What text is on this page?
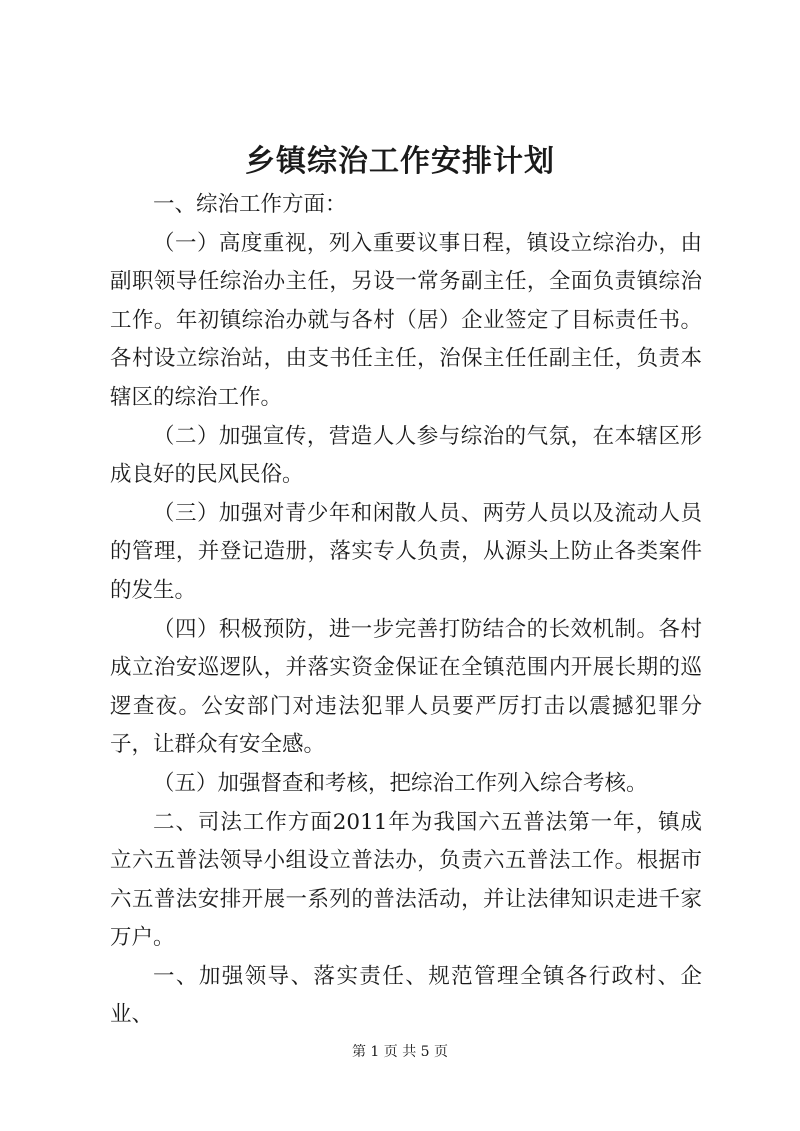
乡镇综治工作安排计划

一、综治工作方面：

（一）高度重视，列入重要议事日程，镇设立综治办，由副职领导任综治办主任，另设一常务副主任，全面负责镇综治工作。年初镇综治办就与各村（居）企业签定了目标责任书。各村设立综治站，由支书任主任，治保主任任副主任，负责本辖区的综治工作。

（二）加强宣传，营造人人参与综治的气氛，在本辖区形成良好的民风民俗。

（三）加强对青少年和闲散人员、两劳人员以及流动人员的管理，并登记造册，落实专人负责，从源头上防止各类案件的发生。

（四）积极预防，进一步完善打防结合的长效机制。各村成立治安巡逻队，并落实资金保证在全镇范围内开展长期的巡逻查夜。公安部门对违法犯罪人员要严厉打击以震撼犯罪分子，让群众有安全感。

（五）加强督查和考核，把综治工作列入综合考核。

二、司法工作方面2011年为我国六五普法第一年，镇成立六五普法领导小组设立普法办，负责六五普法工作。根据市六五普法安排开展一系列的普法活动，并让法律知识走进千家万户。

一、加强领导、落实责任、规范管理全镇各行政村、企业、

第 1 页 共 5 页
